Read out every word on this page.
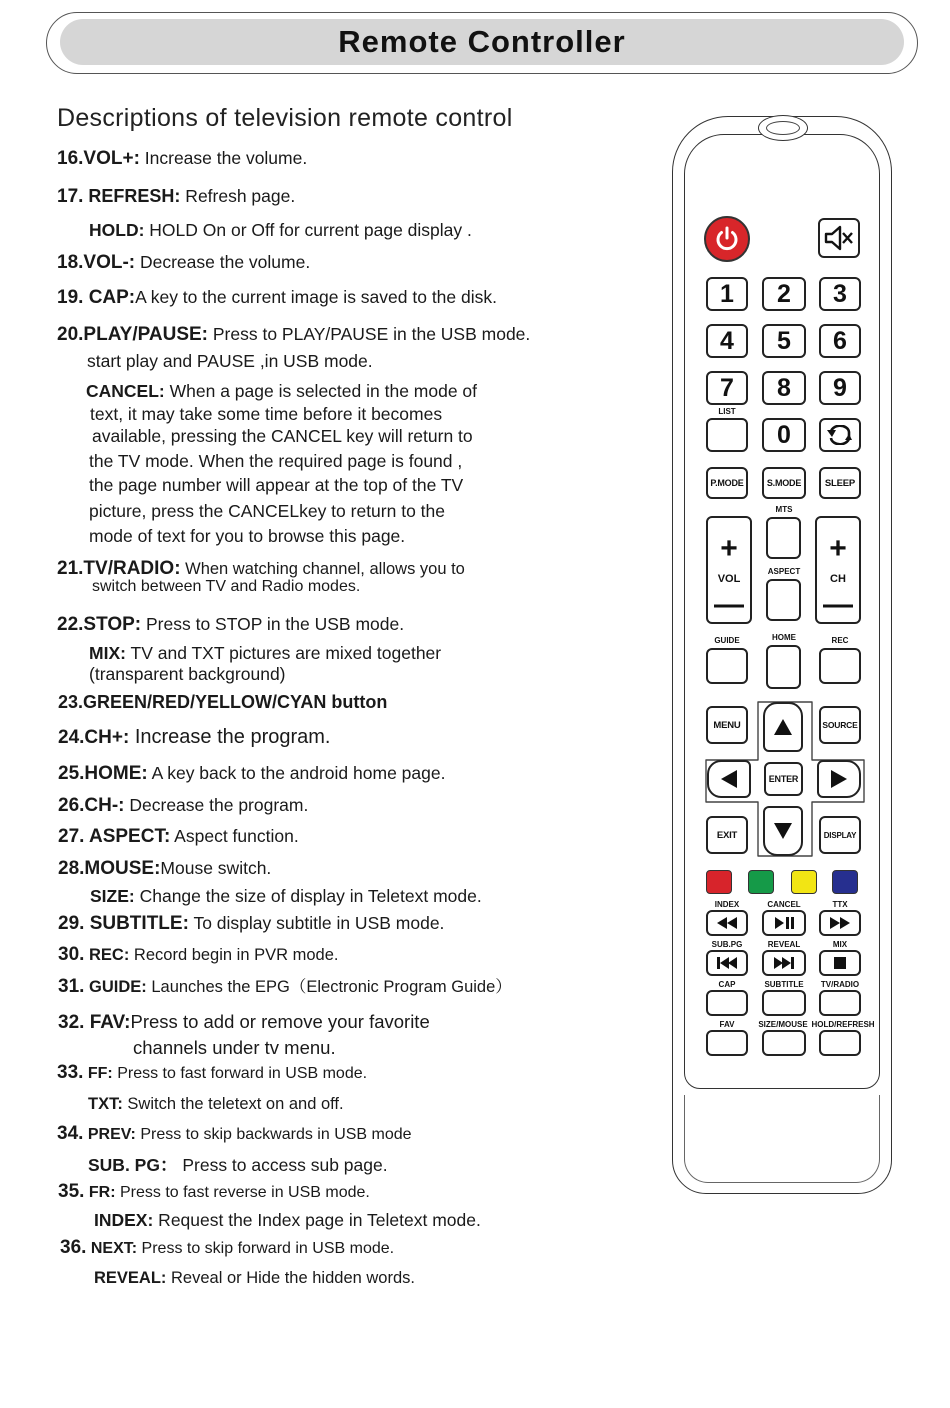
Remote Controller
Descriptions of television remote control
16.VOL+: Increase the volume.
17. REFRESH: Refresh page.
HOLD: HOLD On or Off for current page display .
18.VOL-: Decrease the volume.
19. CAP:A key to the current image is saved to the disk.
20.PLAY/PAUSE: Press to PLAY/PAUSE in the USB mode.
start play and PAUSE ,in USB mode.
CANCEL: When a page is selected in the mode of
text, it may take some time before it becomes
available, pressing the CANCEL key will return to
the TV mode. When the required page is found ,
the page number will appear at the top of the TV
picture, press the CANCELkey to return to the
mode of text for you to browse this page.
21.TV/RADIO: When watching channel, allows you to
switch between TV and Radio modes.
22.STOP: Press to STOP in the USB mode.
MIX: TV and TXT pictures are mixed together
(transparent background)
23.GREEN/RED/YELLOW/CYAN button
24.CH+: Increase the program.
25.HOME: A key back to the android home page.
26.CH-: Decrease the program.
27. ASPECT: Aspect function.
28.MOUSE:Mouse switch.
SIZE: Change the size of display in Teletext mode.
29. SUBTITLE: To display subtitle in USB mode.
30. REC: Record begin in PVR mode.
31. GUIDE: Launches the EPG（Electronic Program Guide）
32. FAV:Press to add or remove your favorite
channels under tv menu.
33. FF: Press to fast forward in USB mode.
TXT: Switch the teletext on and off.
34. PREV: Press to skip backwards in USB mode
SUB. PG： Press to access sub page.
35. FR: Press to fast reverse in USB mode.
INDEX: Request the Index page in Teletext mode.
36. NEXT: Press to skip forward in USB mode.
REVEAL: Reveal or Hide the hidden words.
1	2	3
4	5	6
7	8	9
LIST
0
P.MODE	S.MODE	SLEEP
+
VOL
—
+
CH
—
MTS
ASPECT
GUIDE	HOME	REC
MENU	SOURCE
ENTER
EXIT	DISPLAY
INDEX	CANCEL	TTX
SUB.PG	REVEAL	MIX
CAP	SUBTITLE	TV/RADIO
FAV	SIZE/MOUSE HOLD/REFRESH
